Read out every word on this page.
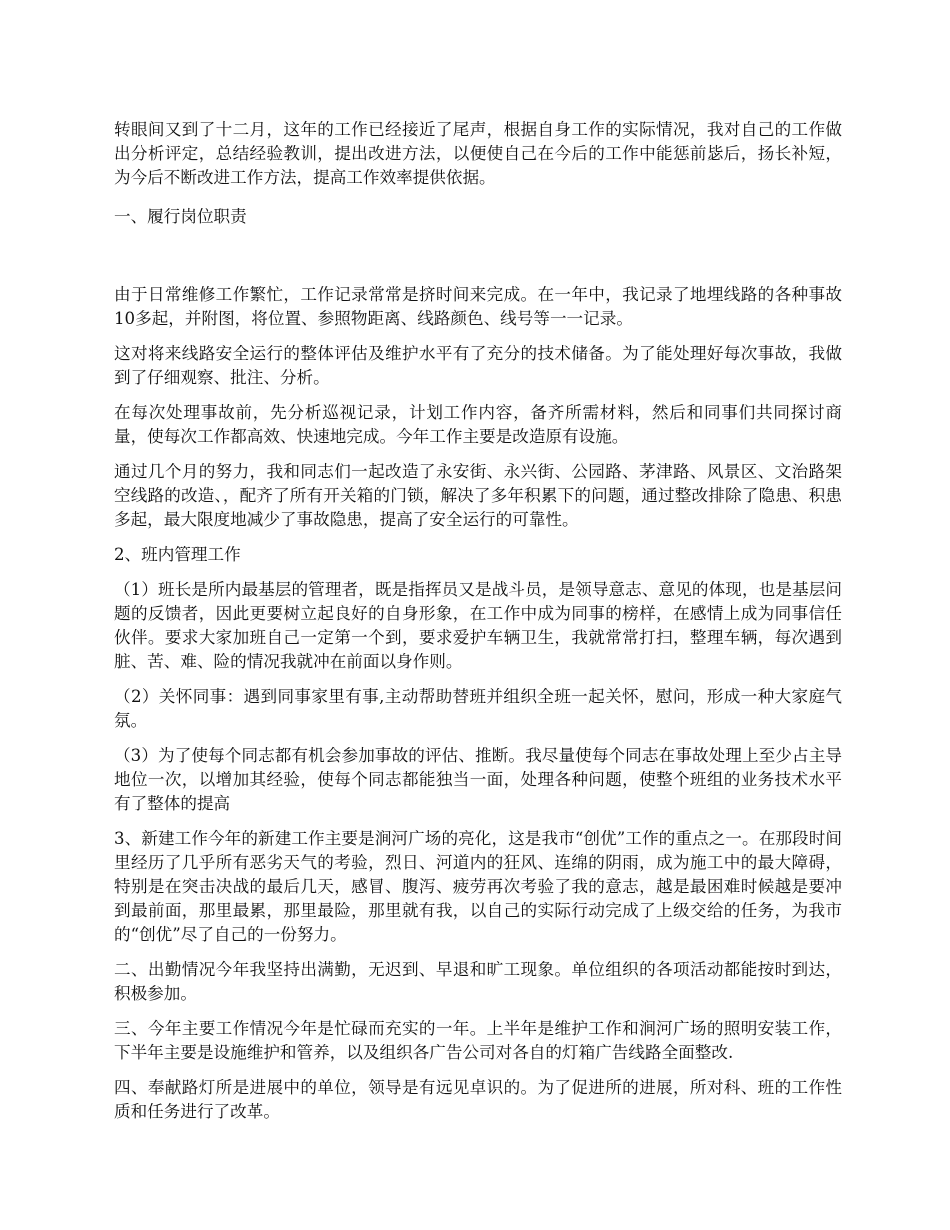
转眼间又到了十二月，这年的工作已经接近了尾声，根据自身工作的实际情况，我对自己的工作做出分析评定，总结经验教训，提出改进方法，以便使自己在今后的工作中能惩前毖后，扬长补短，为今后不断改进工作方法，提高工作效率提供依据。

一、履行岗位职责

由于日常维修工作繁忙，工作记录常常是挤时间来完成。在一年中，我记录了地埋线路的各种事故10多起，并附图，将位置、参照物距离、线路颜色、线号等一一记录。

这对将来线路安全运行的整体评估及维护水平有了充分的技术储备。为了能处理好每次事故，我做到了仔细观察、批注、分析。

在每次处理事故前，先分析巡视记录，计划工作内容，备齐所需材料，然后和同事们共同探讨商量，使每次工作都高效、快速地完成。今年工作主要是改造原有设施。

通过几个月的努力，我和同志们一起改造了永安街、永兴街、公园路、茅津路、风景区、文治路架空线路的改造、，配齐了所有开关箱的门锁，解决了多年积累下的问题，通过整改排除了隐患、积患多起，最大限度地减少了事故隐患，提高了安全运行的可靠性。

2、班内管理工作

（1）班长是所内最基层的管理者，既是指挥员又是战斗员，是领导意志、意见的体现，也是基层问题的反馈者，因此更要树立起良好的自身形象，在工作中成为同事的榜样，在感情上成为同事信任伙伴。要求大家加班自己一定第一个到，要求爱护车辆卫生，我就常常打扫，整理车辆，每次遇到脏、苦、难、险的情况我就冲在前面以身作则。

（2）关怀同事：遇到同事家里有事,主动帮助替班并组织全班一起关怀，慰问，形成一种大家庭气氛。

（3）为了使每个同志都有机会参加事故的评估、推断。我尽量使每个同志在事故处理上至少占主导地位一次，以增加其经验，使每个同志都能独当一面，处理各种问题，使整个班组的业务技术水平有了整体的提高

3、新建工作今年的新建工作主要是涧河广场的亮化，这是我市“创优”工作的重点之一。在那段时间里经历了几乎所有恶劣天气的考验，烈日、河道内的狂风、连绵的阴雨，成为施工中的最大障碍，特别是在突击决战的最后几天，感冒、腹泻、疲劳再次考验了我的意志，越是最困难时候越是要冲到最前面，那里最累，那里最险，那里就有我，以自己的实际行动完成了上级交给的任务，为我市的“创优”尽了自己的一份努力。

二、出勤情况今年我坚持出满勤，无迟到、早退和旷工现象。单位组织的各项活动都能按时到达，积极参加。

三、今年主要工作情况今年是忙碌而充实的一年。上半年是维护工作和涧河广场的照明安装工作，下半年主要是设施维护和管养，以及组织各广告公司对各自的灯箱广告线路全面整改.

四、奉献路灯所是进展中的单位，领导是有远见卓识的。为了促进所的进展，所对科、班的工作性质和任务进行了改革。
